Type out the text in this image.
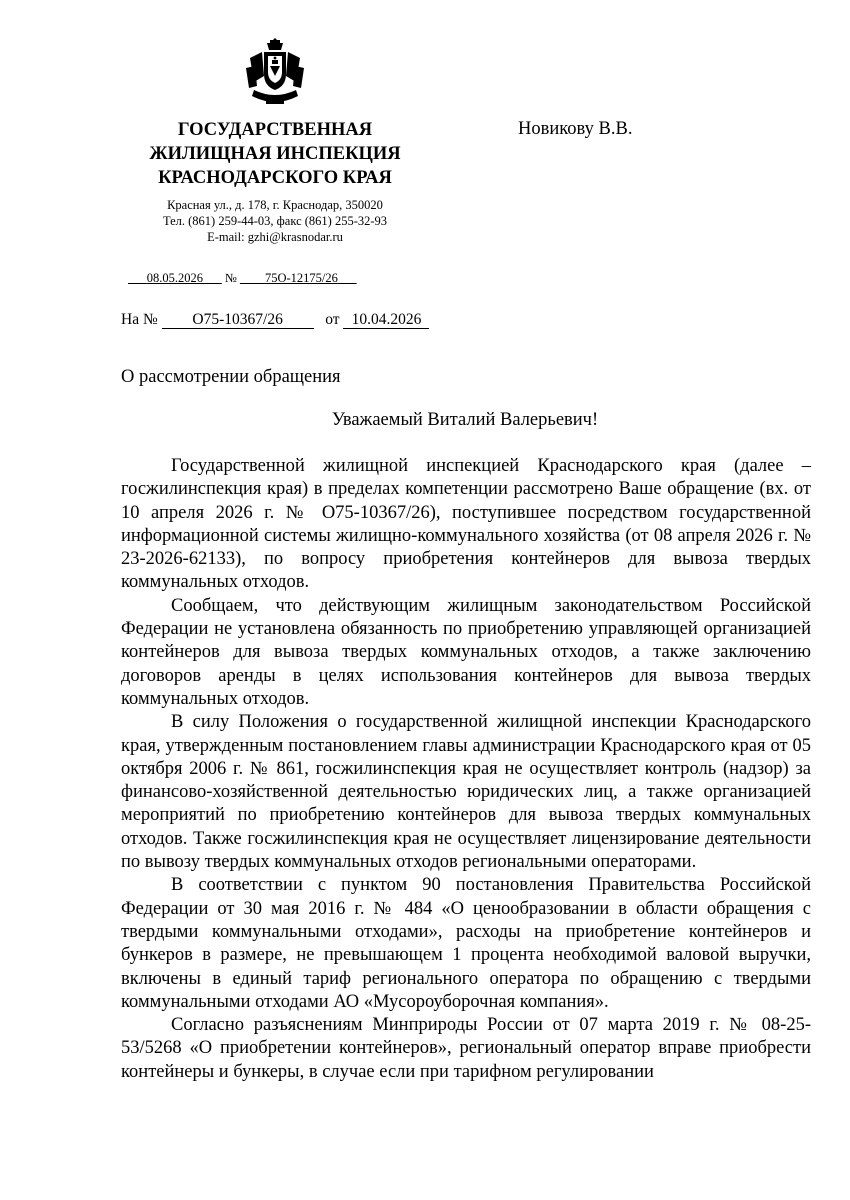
ГОСУДАРСТВЕННАЯ
ЖИЛИЩНАЯ ИНСПЕКЦИЯ
КРАСНОДАРСКОГО КРАЯ
Красная ул., д. 178, г. Краснодар, 350020
Тел. (861) 259-44-03, факс (861) 255-32-93
E-mail: gzhi@krasnodar.ru
Новикову В.В.
08.05.2026 № 75О-12175/26
На № О75-10367/26	от 10.04.2026
О рассмотрении обращения
Уважаемый Виталий Валерьевич!

Государственной жилищной инспекцией Краснодарского края (далее – госжилинспекция края) в пределах компетенции рассмотрено Ваше обращение (вх. от 10 апреля 2026 г. № О75-10367/26), поступившее посредством государственной информационной системы жилищно-коммунального хозяйства (от 08 апреля 2026 г. № 23-2026-62133), по вопросу приобретения контейнеров для вывоза твердых коммунальных отходов.

Сообщаем, что действующим жилищным законодательством Российской Федерации не установлена обязанность по приобретению управляющей организацией контейнеров для вывоза твердых коммунальных отходов, а также заключению договоров аренды в целях использования контейнеров для вывоза твердых коммунальных отходов.

В силу Положения о государственной жилищной инспекции Краснодарского края, утвержденным постановлением главы администрации Краснодарского края от 05 октября 2006 г. № 861, госжилинспекция края не осуществляет контроль (надзор) за финансово-хозяйственной деятельностью юридических лиц, а также организацией мероприятий по приобретению контейнеров для вывоза твердых коммунальных отходов. Также госжилинспекция края не осуществляет лицензирование деятельности по вывозу твердых коммунальных отходов региональными операторами.

В соответствии с пунктом 90 постановления Правительства Российской Федерации от 30 мая 2016 г. № 484 «О ценообразовании в области обращения с твердыми коммунальными отходами», расходы на приобретение контейнеров и бункеров в размере, не превышающем 1 процента необходимой валовой выручки, включены в единый тариф регионального оператора по обращению с твердыми коммунальными отходами АО «Мусороуборочная компания».

Согласно разъяснениям Минприроды России от 07 марта 2019 г. № 08-25-53/5268 «О приобретении контейнеров», региональный оператор вправе приобрести контейнеры и бункеры, в случае если при тарифном регулировании
